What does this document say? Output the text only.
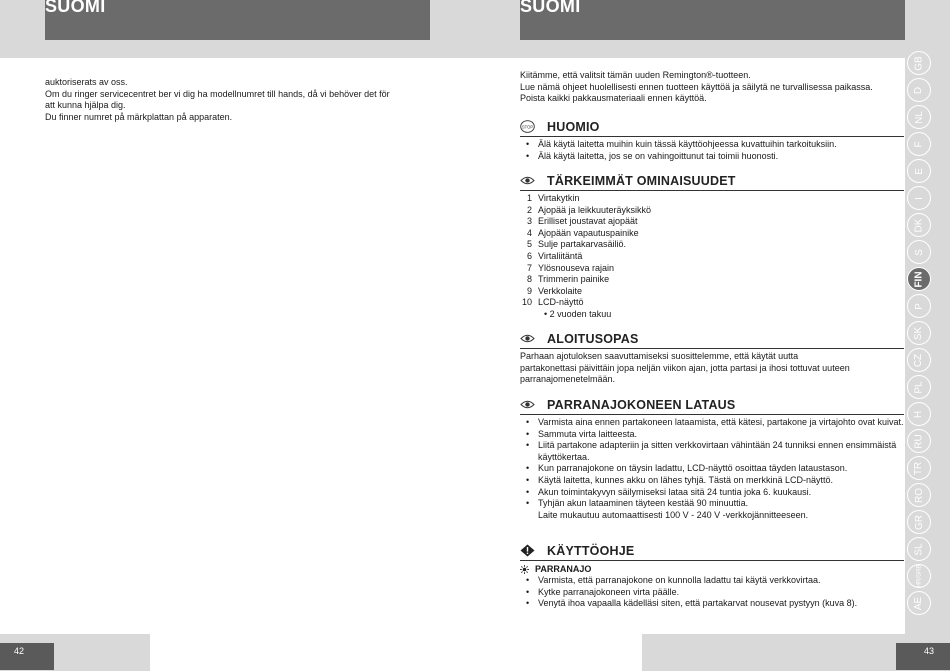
SUOMI	SUOMI
auktoriserats av oss.
Om du ringer servicecentret ber vi dig ha modellnumret till hands, då vi behöver det för
att kunna hjälpa dig.
Du finner numret på märkplattan på apparaten.
Kiitämme, että valitsit tämän uuden Remington®-tuotteen.
Lue nämä ohjeet huolellisesti ennen tuotteen käyttöä ja säilytä ne turvallisessa paikassa.
Poista kaikki pakkausmateriaali ennen käyttöä.
STOP HUOMIO
• Älä käytä laitetta muihin kuin tässä käyttöohjeessa kuvattuihin tarkoituksiin.
• Älä käytä laitetta, jos se on vahingoittunut tai toimii huonosti.
TÄRKEIMMÄT OMINAISUUDET
1 Virtakytkin
2 Ajopää ja leikkuuteräyksikkö
3 Erilliset joustavat ajopäät
4 Ajopään vapautuspainike
5 Sulje partakarvasäiliö.
6 Virtaliitäntä
7 Ylösnouseva rajain
8 Trimmerin painike
9 Verkkolaite
10 LCD-näyttö
• 2 vuoden takuu
ALOITUSOPAS
Parhaan ajotuloksen saavuttamiseksi suosittelemme, että käytät uutta
partakonettasi päivittäin jopa neljän viikon ajan, jotta partasi ja ihosi tottuvat uuteen
parranajomenetelmään.
PARRANAJOKONEEN LATAUS
• Varmista aina ennen partakoneen lataamista, että kätesi, partakone ja virtajohto ovat kuivat.
• Sammuta virta laitteesta.
• Liitä partakone adapteriin ja sitten verkkovirtaan vähintään 24 tunniksi ennen ensimmäistä käyttökertaa.
• Kun parranajokone on täysin ladattu, LCD-näyttö osoittaa täyden lataustason.
• Käytä laitetta, kunnes akku on lähes tyhjä. Tästä on merkkinä LCD-näyttö.
• Akun toimintakyvyn säilymiseksi lataa sitä 24 tuntia joka 6. kuukausi.
• Tyhjän akun lataaminen täyteen kestää 90 minuuttia.
Laite mukautuu automaattisesti 100 V - 240 V -verkkojännitteeseen.
KÄYTTÖOHJE
PARRANAJO
• Varmista, että parranajokone on kunnolla ladattu tai käytä verkkovirtaa.
• Kytke parranajokoneen virta päälle.
• Venytä ihoa vapaalla kädelläsi siten, että partakarvat nousevat pystyyn (kuva 8).
GB
D
NL
F
E
I
DK
S
FIN
P
SK
CZ
PL
H
RU
TR
RO
GR
SL
HR/SRB
AE
42	43
